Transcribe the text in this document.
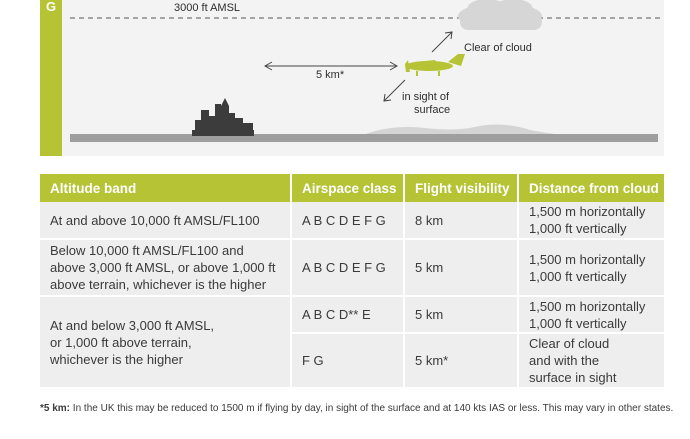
G	3000 ft AMSL
Clear of cloud
5 km*
in sight of
surface
Altitude band	Airspace class	Flight visibility	Distance from cloud
At and above 10,000 ft AMSL/FL100	A B C D E F G	8 km	1,500 m horizontally
1,000 ft vertically
Below 10,000 ft AMSL/FL100 and
above 3,000 ft AMSL, or above 1,000 ft
above terrain, whichever is the higher	A B C D E F G	5 km	1,500 m horizontally
1,000 ft vertically
At and below 3,000 ft AMSL,
or 1,000 ft above terrain,
whichever is the higher	A B C D** E	5 km	1,500 m horizontally
1,000 ft vertically
	F G	5 km*	Clear of cloud
and with the
surface in sight
*5 km: In the UK this may be reduced to 1500 m if flying by day, in sight of the surface and at 140 kts IAS or less. This may vary in other states.
